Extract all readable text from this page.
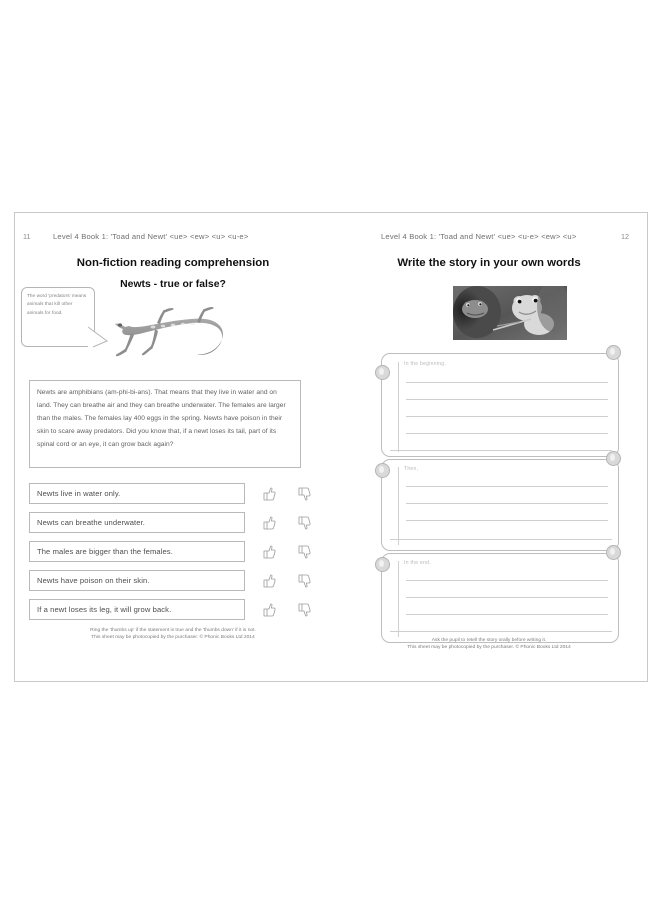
11	Level 4 Book 1: 'Toad and Newt' <ue> <ew> <u> <u-e>
Non-fiction reading comprehension
Newts - true or false?
The word 'predators' means animals that kill other animals for food.

Newts are amphibians (am-phi-bi-ans). That means that they live in water and on land. They can breathe air and they can breathe underwater. The females are larger than the males. The females lay 400 eggs in the spring. Newts have poison in their skin to scare away predators. Did you know that, if a newt loses its tail, part of its spinal cord or an eye, it can grow back again?

Newts live in water only.
Newts can breathe underwater.
The males are bigger than the females.
Newts have poison on their skin.
If a newt loses its leg, it will grow back.
Ring the 'thumbs up' if the statement is true and the 'thumbs down' if it is not.
This sheet may be photocopied by the purchaser. © Phonic Books Ltd 2014
Level 4 Book 1: 'Toad and Newt' <ue> <u-e> <ew> <u>	12
Write the story in your own words
In the beginning,
Then,
In the end,
Ask the pupil to retell the story orally before writing it.
This sheet may be photocopied by the purchaser. © Phonic Books Ltd 2014
